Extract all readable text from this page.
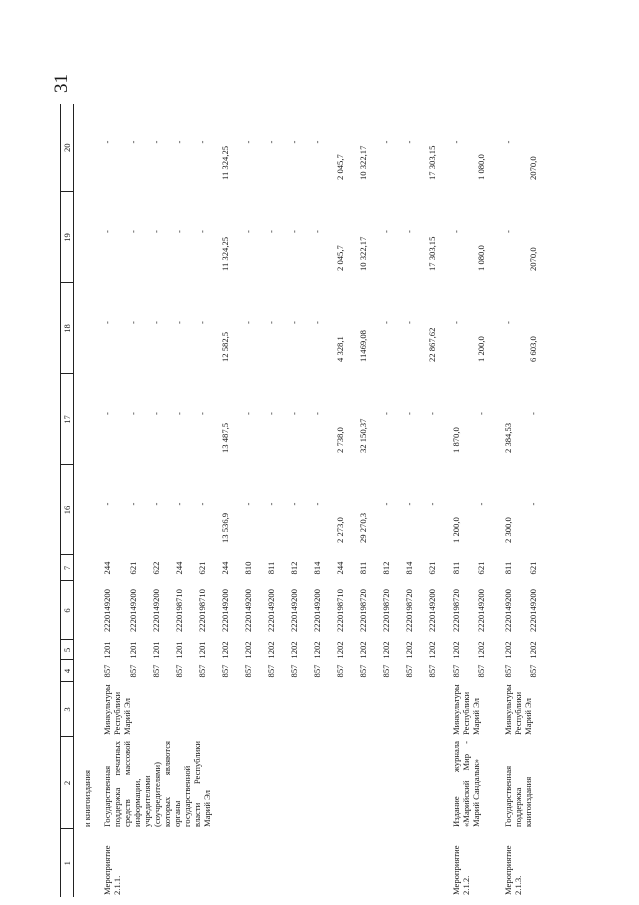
31
1	2	3	4	5	6	7	16	17	18	19	20
	и книгоиздания										
Мероприятие 2.1.1.	Государственная поддержка печатных средств массовой информации, учредителями (соучредителями) которых являются органы государственной власти Республики Марий Эл	Минкультуры Республики Марий Эл	857	1201	2220149200	244	-	-	-	-	-
			857	1201	2220149200	621	-	-	-	-	-
			857	1201	2220149200	622	-	-	-	-	-
			857	1201	2220198710	244	-	-	-	-	-
			857	1201	2220198710	621	-	-	-	-	-
			857	1202	2220149200	244	13 536,9	13 487,5	12 582,5	11 324,25	11 324,25
			857	1202	2220149200	810	-	-	-	-	-
			857	1202	2220149200	811	-	-	-	-	-
			857	1202	2220149200	812	-	-	-	-	-
			857	1202	2220149200	814	-	-	-	-	-
			857	1202	2220198710	244	2 273,0	2 738,0	4 328,1	2 045,7	2 045,7
			857	1202	2220198720	811	29 270,3	32 150,37	11469,08	10 322,17	10 322,17
			857	1202	2220198720	812	-	-	-	-	-
			857	1202	2220198720	814	-	-	-	-	-
			857	1202	2220149200	621	-	-	22 867,62	17 303,15	17 303,15
Мероприятие 2.1.2.	Издание журнала «Марийский Мир - Марий Сандалык»	Минкультуры Республики Марий Эл	857	1202	2220198720	811	1 200,0	1 870,0	-	-	-
			857	1202	2220149200	621	-	-	1 200,0	1 080,0	1 080,0
Мероприятие 2.1.3.	Государственная поддержка книгоиздания	Минкультуры Республики Марий Эл	857	1202	2220149200	811	2 300,0	2 384,53	-	-	-
			857	1202	2220149200	621	-	-	6 603,0	2070,0	2070,0
